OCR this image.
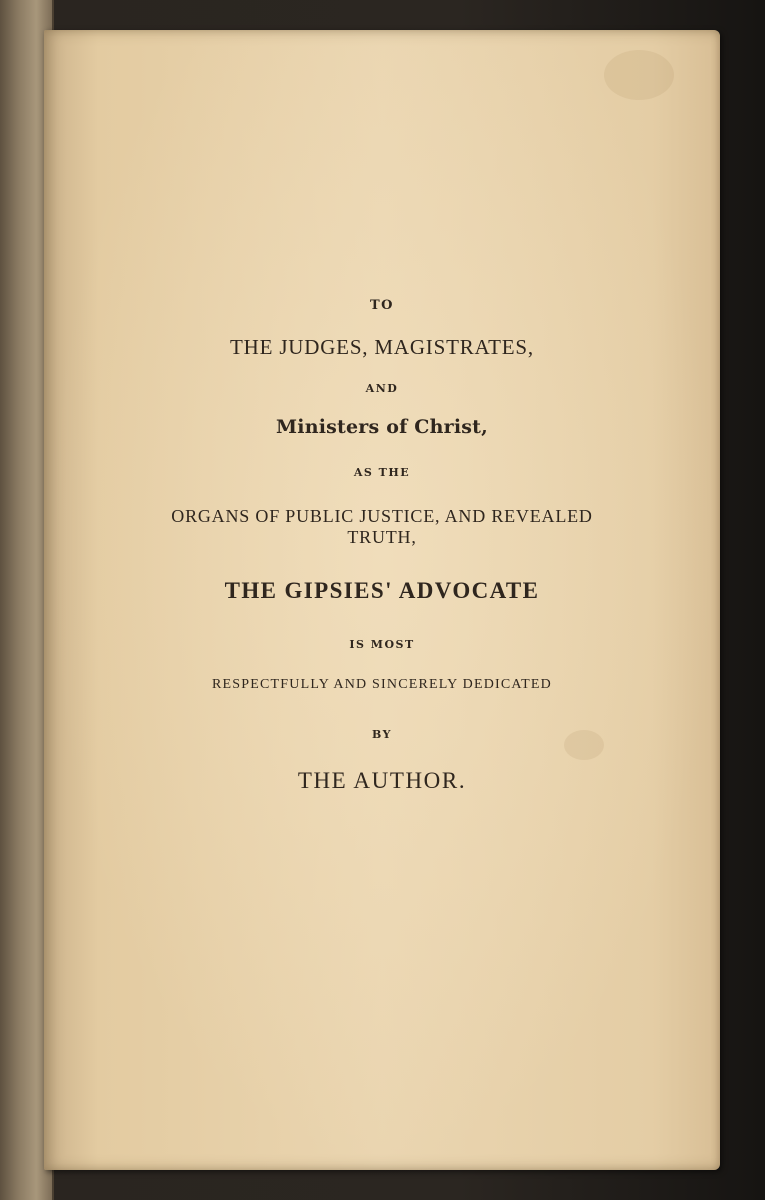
TO
THE JUDGES, MAGISTRATES,
AND
Ministers of Christ,
AS THE
ORGANS OF PUBLIC JUSTICE, AND REVEALED
TRUTH,
THE GIPSIES' ADVOCATE
IS MOST
RESPECTFULLY AND SINCERELY DEDICATED
BY
THE AUTHOR.
